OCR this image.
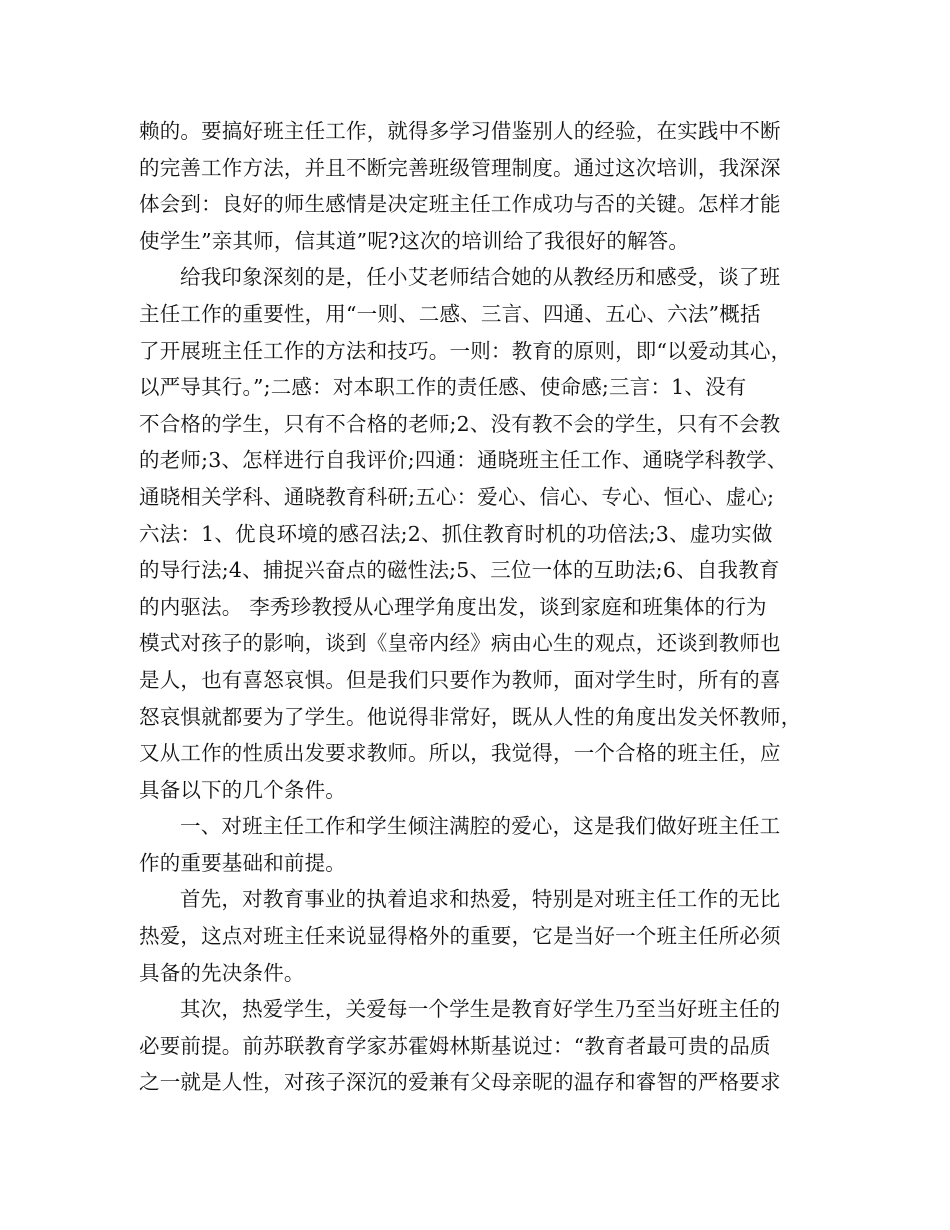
赖的。要搞好班主任工作，就得多学习借鉴别人的经验，在实践中不断
的完善工作方法，并且不断完善班级管理制度。通过这次培训，我深深
体会到：良好的师生感情是决定班主任工作成功与否的关键。怎样才能
使学生”亲其师，信其道”呢?这次的培训给了我很好的解答。
给我印象深刻的是，任小艾老师结合她的从教经历和感受，谈了班
主任工作的重要性，用“一则、二感、三言、四通、五心、六法”概括
了开展班主任工作的方法和技巧。一则：教育的原则，即“以爱动其心，
以严导其行。”;二感：对本职工作的责任感、使命感;三言：1、没有
不合格的学生，只有不合格的老师;2、没有教不会的学生，只有不会教
的老师;3、怎样进行自我评价;四通：通晓班主任工作、通晓学科教学、
通晓相关学科、通晓教育科研;五心：爱心、信心、专心、恒心、虚心;
六法：1、优良环境的感召法;2、抓住教育时机的功倍法;3、虚功实做
的导行法;4、捕捉兴奋点的磁性法;5、三位一体的互助法;6、自我教育
的内驱法。 李秀珍教授从心理学角度出发，谈到家庭和班集体的行为
模式对孩子的影响，谈到《皇帝内经》病由心生的观点，还谈到教师也
是人，也有喜怒哀惧。但是我们只要作为教师，面对学生时，所有的喜
怒哀惧就都要为了学生。他说得非常好，既从人性的角度出发关怀教师，
又从工作的性质出发要求教师。所以，我觉得，一个合格的班主任，应
具备以下的几个条件。
一、对班主任工作和学生倾注满腔的爱心，这是我们做好班主任工
作的重要基础和前提。
首先，对教育事业的执着追求和热爱，特别是对班主任工作的无比
热爱，这点对班主任来说显得格外的重要，它是当好一个班主任所必须
具备的先决条件。
其次，热爱学生，关爱每一个学生是教育好学生乃至当好班主任的
必要前提。前苏联教育学家苏霍姆林斯基说过：“教育者最可贵的品质
之一就是人性，对孩子深沉的爱兼有父母亲昵的温存和睿智的严格要求
